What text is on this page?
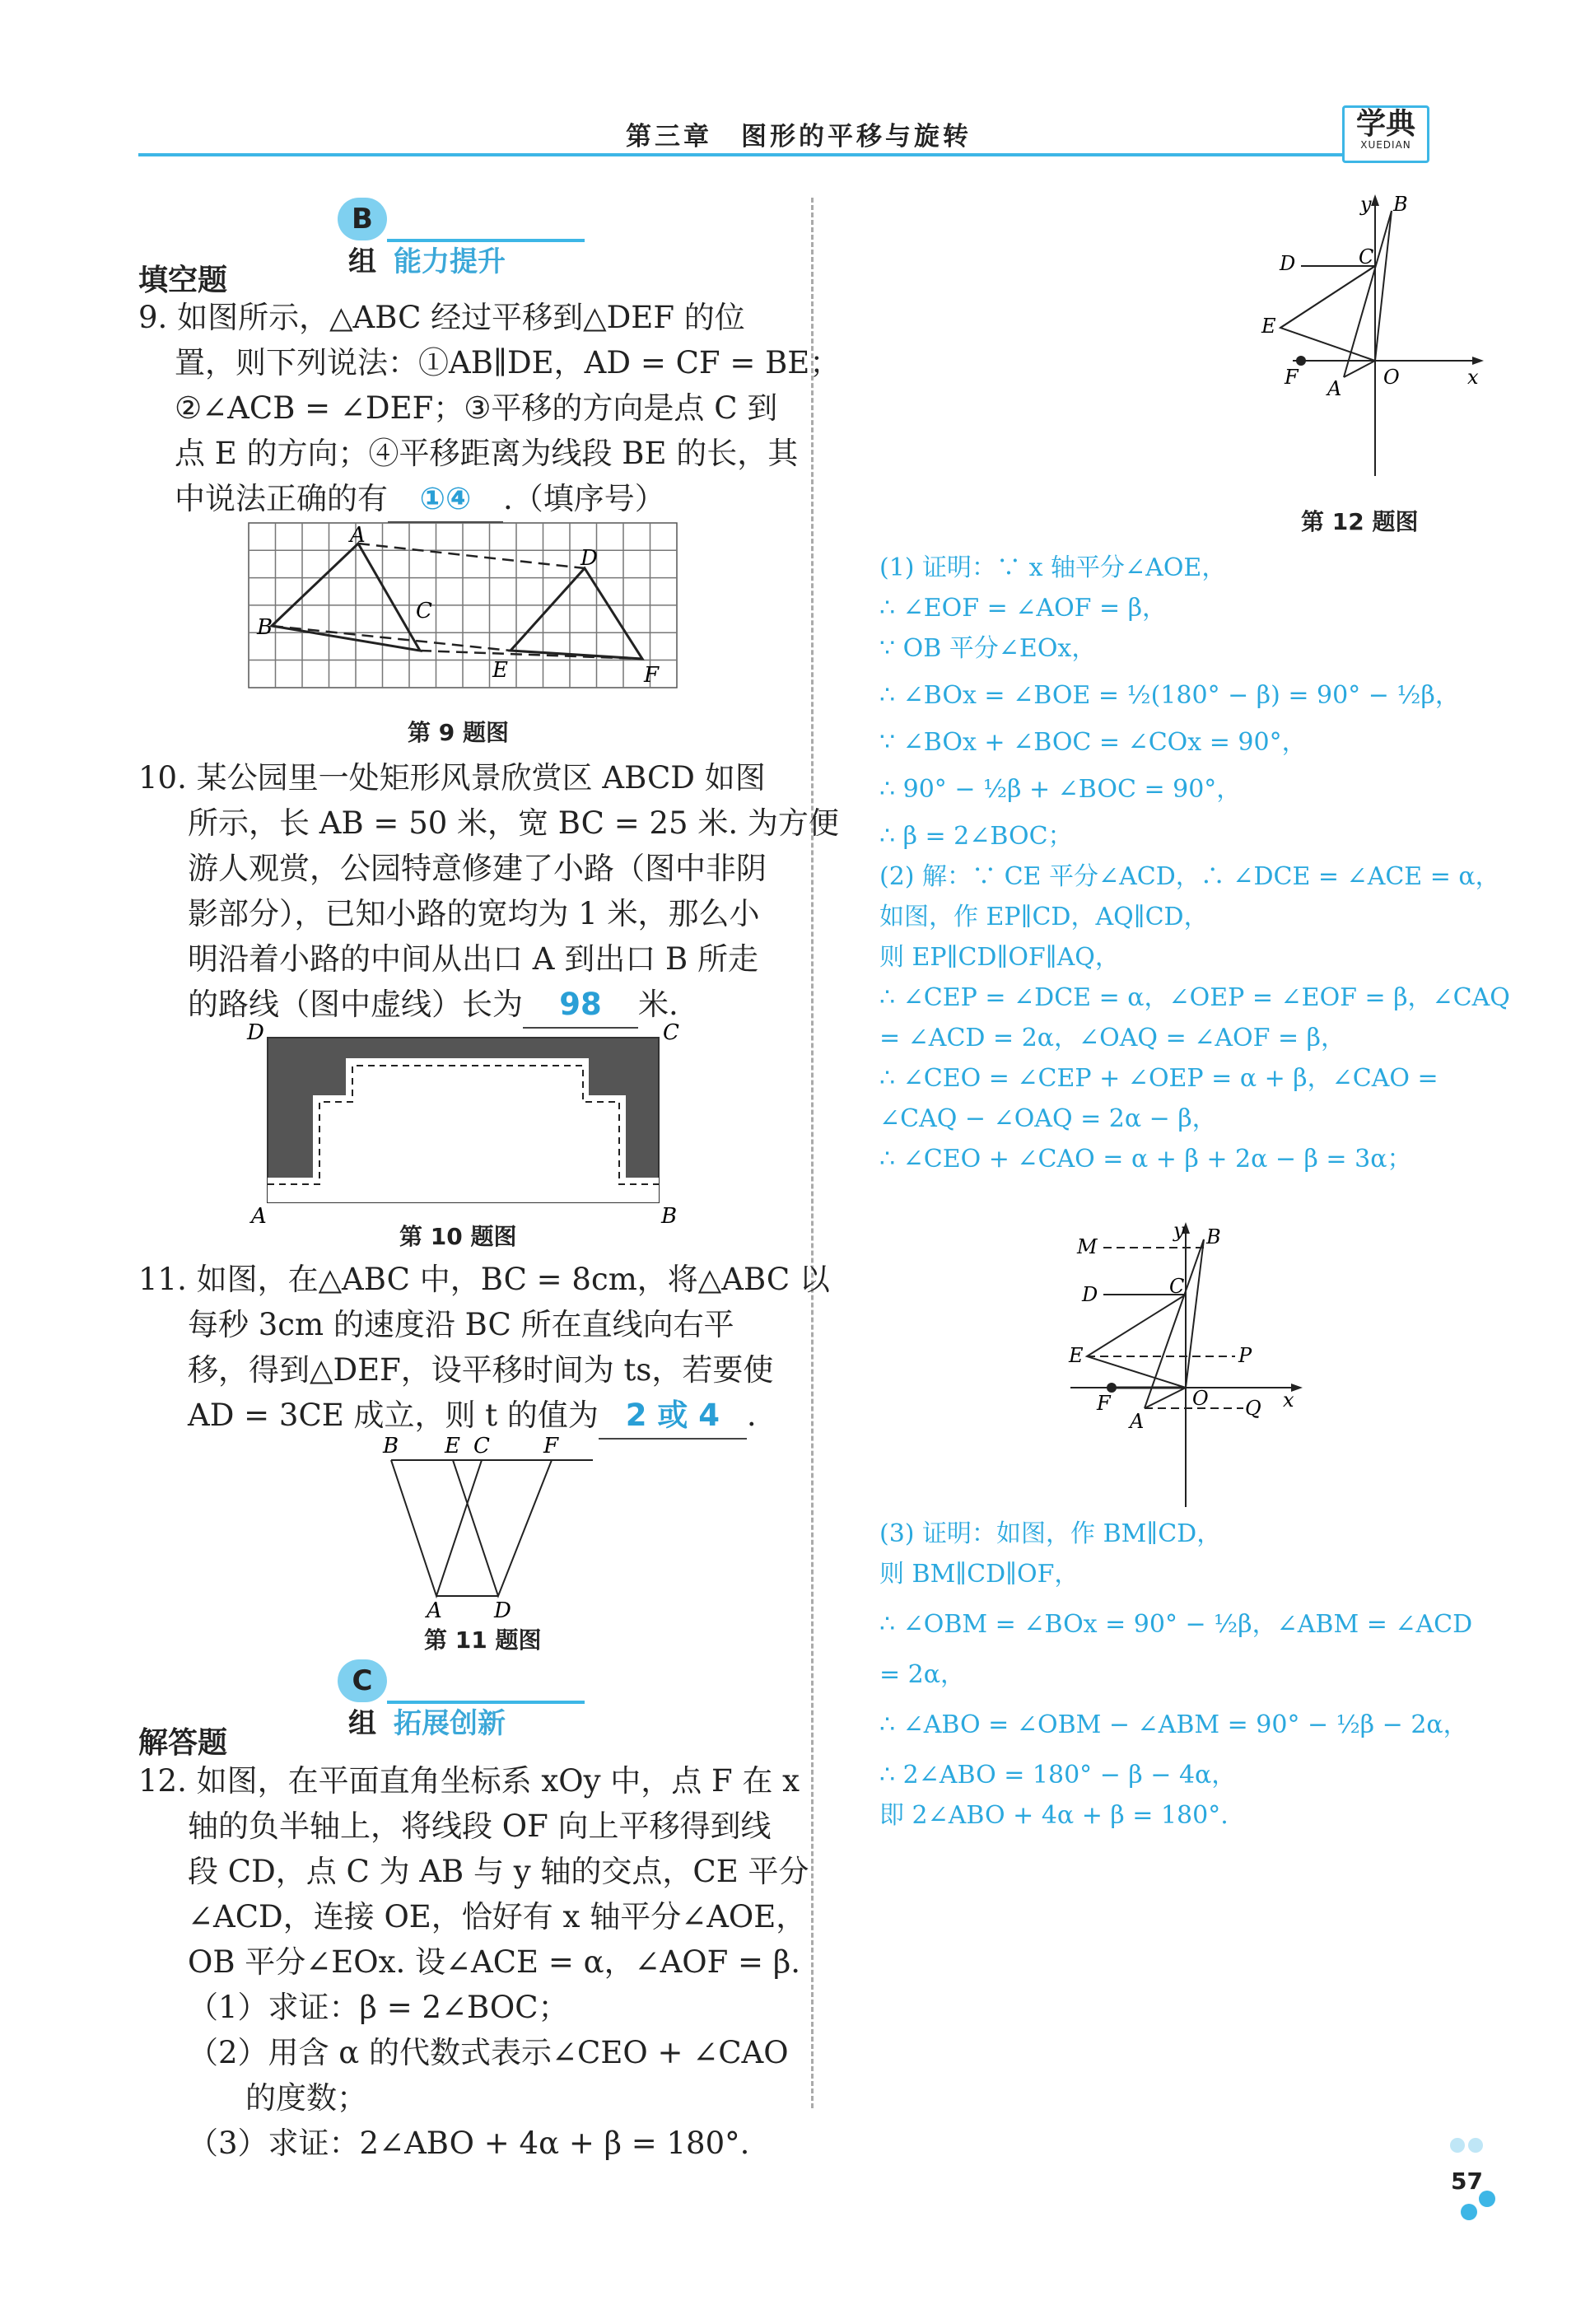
第三章　图形的平移与旋转	学典
XUEDIAN
B 组 能力提升
填空题
9. 如图所示，△ABC 经过平移到△DEF 的位
置，则下列说法：①AB∥DE，AD = CF = BE；
②∠ACB = ∠DEF；③平移的方向是点 C 到
点 E 的方向；④平移距离为线段 BE 的长，其
中说法正确的有 ①④ .（填序号）
A
B
C
D
E	F
第 9 题图
10. 某公园里一处矩形风景欣赏区 ABCD 如图
所示，长 AB = 50 米，宽 BC = 25 米. 为方便
游人观赏，公园特意修建了小路（图中非阴
影部分），已知小路的宽均为 1 米，那么小
明沿着小路的中间从出口 A 到出口 B 所走
的路线（图中虚线）长为 98 米.
A	B
C
D
第 10 题图
11. 如图，在△ABC 中，BC = 8cm，将△ABC 以
每秒 3cm 的速度沿 BC 所在直线向右平
移，得到△DEF，设平移时间为 ts，若要使
AD = 3CE 成立，则 t 的值为 2 或 4 .
B E C	F
A D
第 11 题图
C 组 拓展创新
解答题
12. 如图，在平面直角坐标系 xOy 中，点 F 在 x
轴的负半轴上，将线段 OF 向上平移得到线
段 CD，点 C 为 AB 与 y 轴的交点，CE 平分
∠ACD，连接 OE，恰好有 x 轴平分∠AOE，
OB 平分∠EOx. 设∠ACE = α，∠AOF = β.
（1）求证：β = 2∠BOC；
（2）用含 α 的代数式表示∠CEO + ∠CAO
的度数；
（3）求证：2∠ABO + 4α + β = 180°.
y B
C
D
E
F A O	x
第 12 题图
(1) 证明：∵ x 轴平分∠AOE，
∴ ∠EOF = ∠AOF = β，
∵ OB 平分∠EOx，
∴ ∠BOx = ∠BOE = ½(180° − β) = 90° − ½β，
∵ ∠BOx + ∠BOC = ∠COx = 90°，
∴ 90° − ½β + ∠BOC = 90°，
∴ β = 2∠BOC；
(2) 解：∵ CE 平分∠ACD，∴ ∠DCE = ∠ACE = α，
如图，作 EP∥CD，AQ∥CD，
则 EP∥CD∥OF∥AQ，
∴ ∠CEP = ∠DCE = α，∠OEP = ∠EOF = β，∠CAQ
= ∠ACD = 2α，∠OAQ = ∠AOF = β，
∴ ∠CEO = ∠CEP + ∠OEP = α + β，∠CAO =
∠CAQ − ∠OAQ = 2α − β，
∴ ∠CEO + ∠CAO = α + β + 2α − β = 3α；
y B
M
C
D
E	P
F
A
O Q x
(3) 证明：如图，作 BM∥CD，
则 BM∥CD∥OF，
∴ ∠OBM = ∠BOx = 90° − ½β，∠ABM = ∠ACD
= 2α，
∴ ∠ABO = ∠OBM − ∠ABM = 90° − ½β − 2α，
∴ 2∠ABO = 180° − β − 4α，
即 2∠ABO + 4α + β = 180°.
57
